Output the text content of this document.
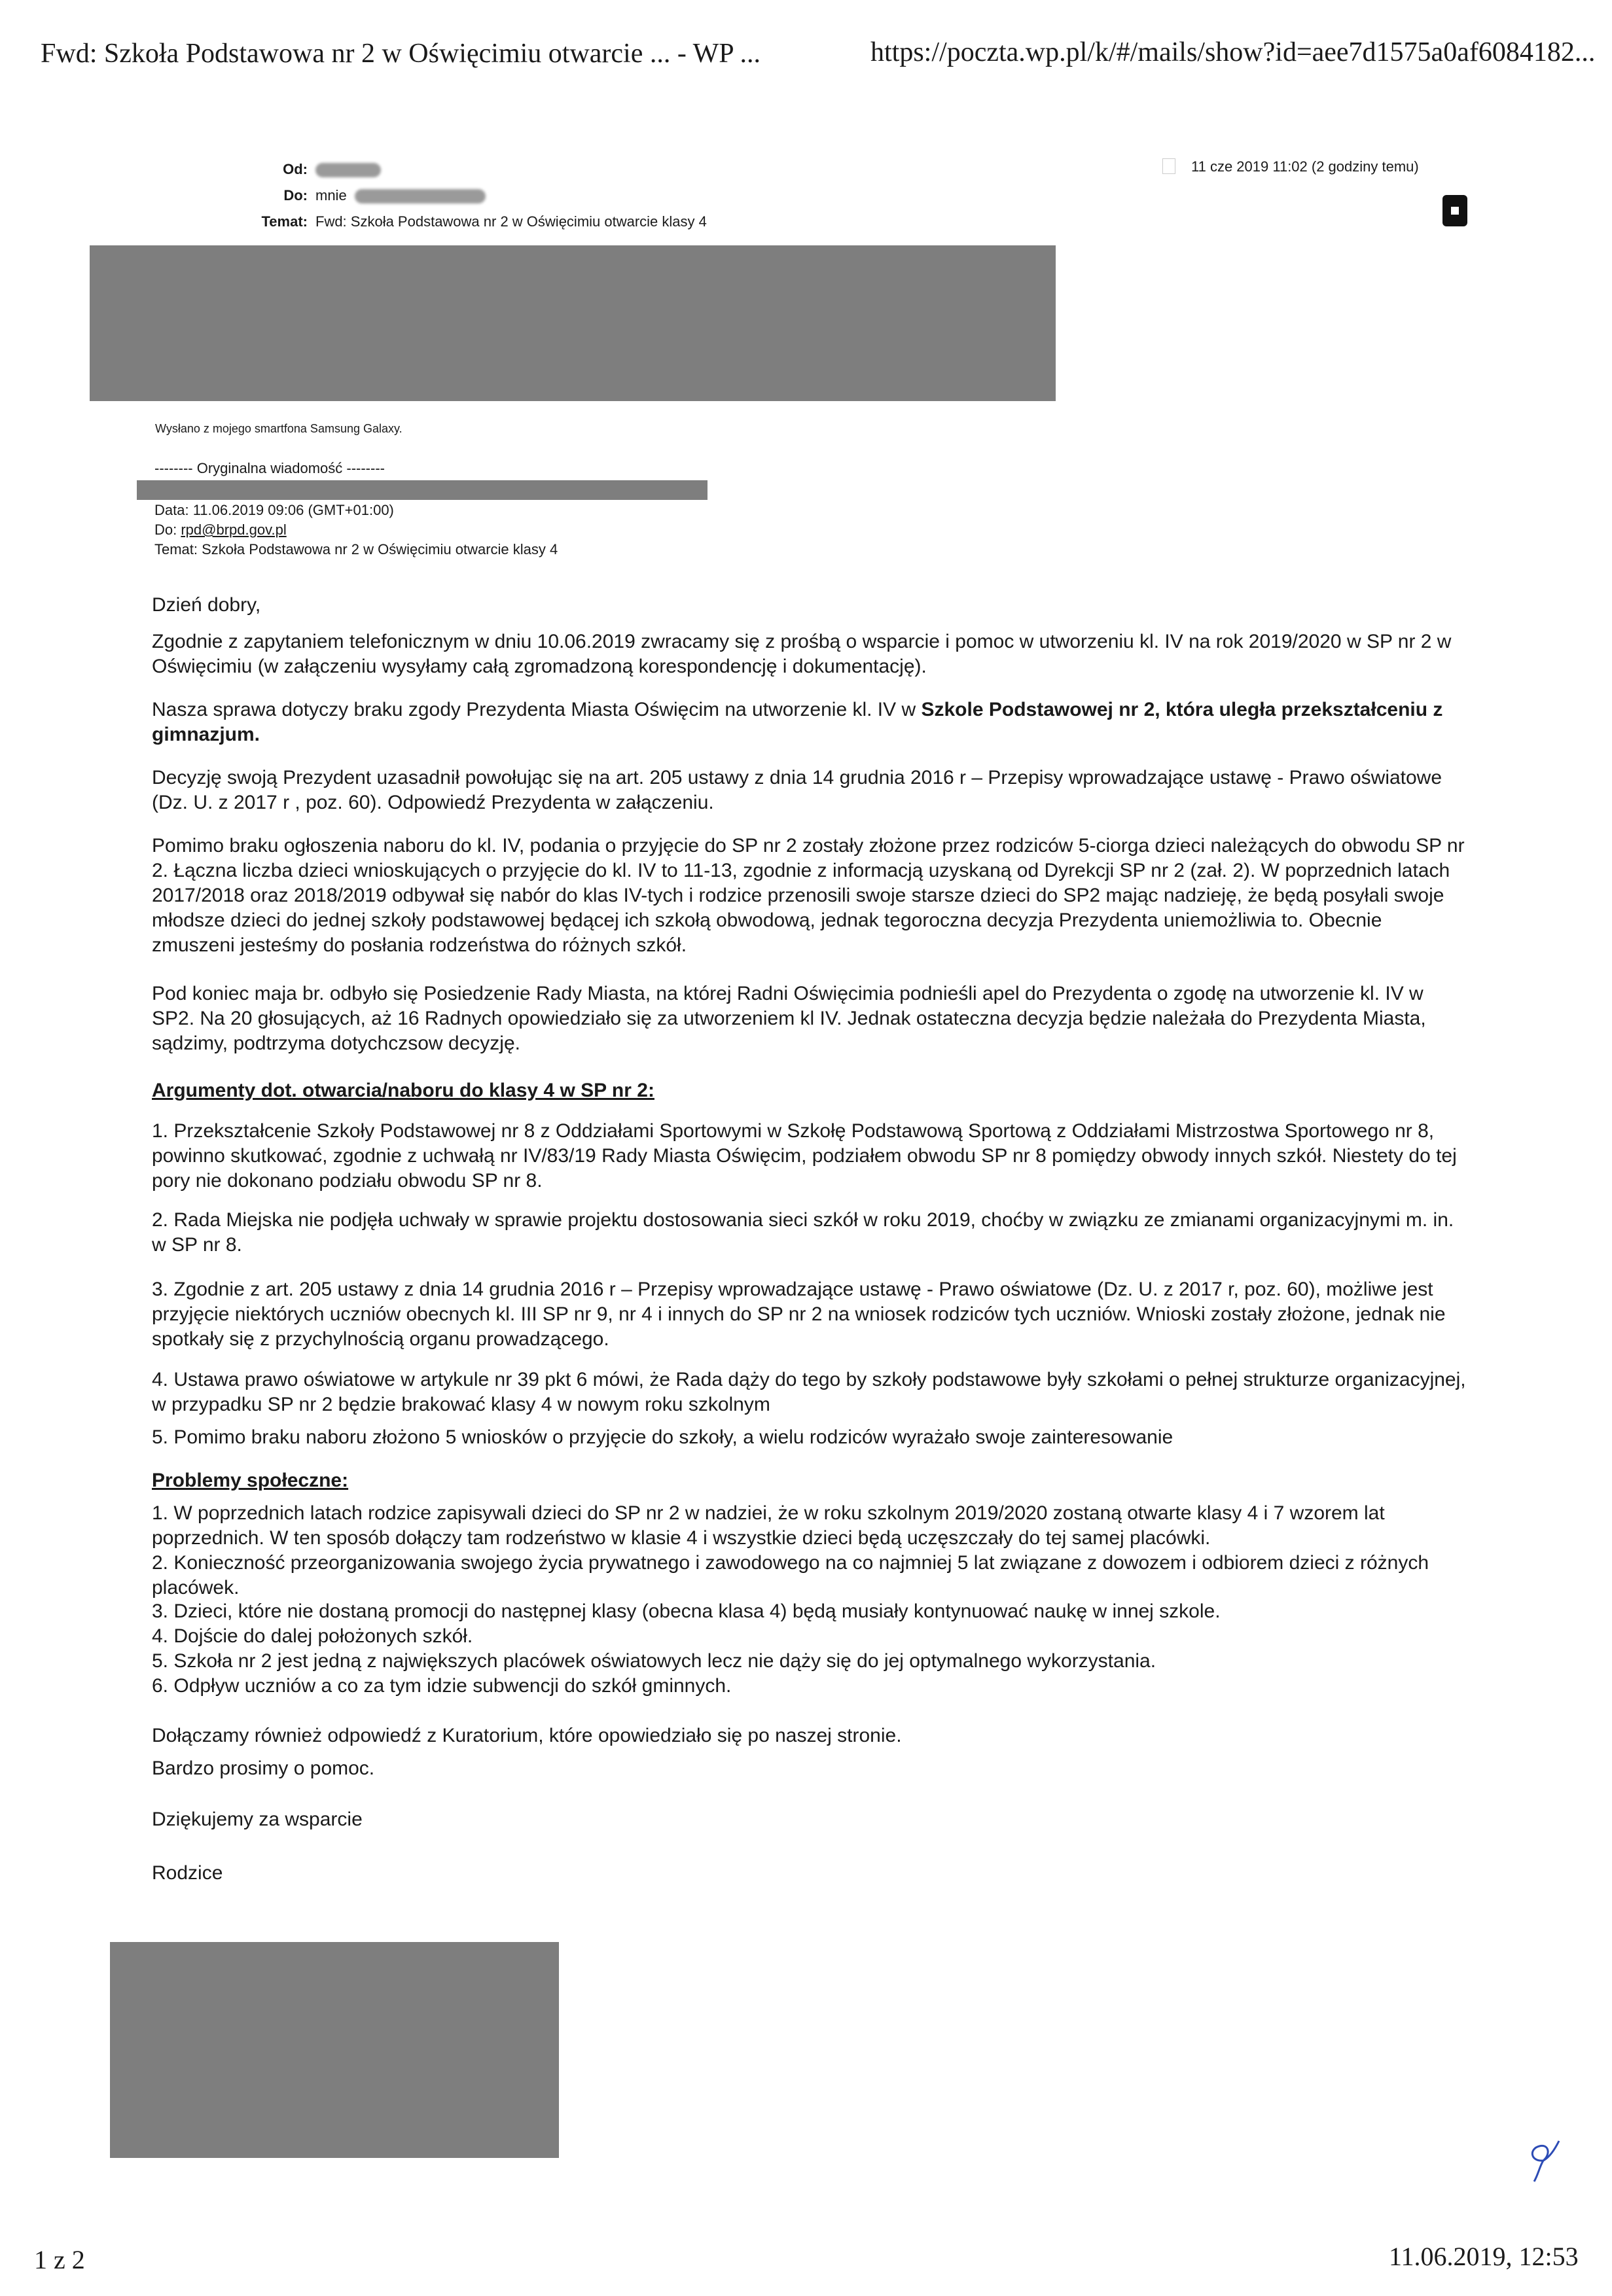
Fwd: Szkoła Podstawowa nr 2 w Oświęcimiu otwarcie ... - WP ...	https://poczta.wp.pl/k/#/mails/show?id=aee7d1575a0af6084182...
Od:
Do: mnie
Temat: Fwd: Szkoła Podstawowa nr 2 w Oświęcimiu otwarcie klasy 4
11 cze 2019 11:02 (2 godziny temu)
Wysłano z mojego smartfona Samsung Galaxy.
-------- Oryginalna wiadomość --------
Data: 11.06.2019 09:06 (GMT+01:00)
Do: rpd@brpd.gov.pl
Temat: Szkoła Podstawowa nr 2 w Oświęcimiu otwarcie klasy 4
Dzień dobry,
Zgodnie z zapytaniem telefonicznym w dniu 10.06.2019 zwracamy się z prośbą o wsparcie i pomoc w utworzeniu kl. IV na rok 2019/2020 w SP nr 2 w Oświęcimiu (w załączeniu wysyłamy całą zgromadzoną korespondencję i dokumentację).
Nasza sprawa dotyczy braku zgody Prezydenta Miasta Oświęcim na utworzenie kl. IV w Szkole Podstawowej nr 2, która uległa przekształceniu z gimnazjum.
Decyzję swoją Prezydent uzasadnił powołując się na art. 205 ustawy z dnia 14 grudnia 2016 r – Przepisy wprowadzające ustawę - Prawo oświatowe (Dz. U. z 2017 r , poz. 60). Odpowiedź Prezydenta w załączeniu.
Pomimo braku ogłoszenia naboru do kl. IV, podania o przyjęcie do SP nr 2 zostały złożone przez rodziców 5-ciorga dzieci należących do obwodu SP nr 2. Łączna liczba dzieci wnioskujących o przyjęcie do kl. IV to 11-13, zgodnie z informacją uzyskaną od Dyrekcji SP nr 2 (zał. 2). W poprzednich latach 2017/2018 oraz 2018/2019 odbywał się nabór do klas IV-tych i rodzice przenosili swoje starsze dzieci do SP2 mając nadzieję, że będą posyłali swoje młodsze dzieci do jednej szkoły podstawowej będącej ich szkołą obwodową, jednak tegoroczna decyzja Prezydenta uniemożliwia to. Obecnie zmuszeni jesteśmy do posłania rodzeństwa do różnych szkół.
Pod koniec maja br. odbyło się Posiedzenie Rady Miasta, na której Radni Oświęcimia podnieśli apel do Prezydenta o zgodę na utworzenie kl. IV w SP2. Na 20 głosujących, aż 16 Radnych opowiedziało się za utworzeniem kl IV. Jednak ostateczna decyzja będzie należała do Prezydenta Miasta, sądzimy, podtrzyma dotychczsow decyzję.
Argumenty dot. otwarcia/naboru do klasy 4 w SP nr 2:
1. Przekształcenie Szkoły Podstawowej nr 8 z Oddziałami Sportowymi w Szkołę Podstawową Sportową z Oddziałami Mistrzostwa Sportowego nr 8, powinno skutkować, zgodnie z uchwałą nr IV/83/19 Rady Miasta Oświęcim, podziałem obwodu SP nr 8 pomiędzy obwody innych szkół. Niestety do tej pory nie dokonano podziału obwodu SP nr 8.
2. Rada Miejska nie podjęła uchwały w sprawie projektu dostosowania sieci szkół w roku 2019, choćby w związku ze zmianami organizacyjnymi m. in. w SP nr 8.
3. Zgodnie z art. 205 ustawy z dnia 14 grudnia 2016 r – Przepisy wprowadzające ustawę - Prawo oświatowe (Dz. U. z 2017 r, poz. 60), możliwe jest przyjęcie niektórych uczniów obecnych kl. III SP nr 9, nr 4 i innych do SP nr 2 na wniosek rodziców tych uczniów. Wnioski zostały złożone, jednak nie spotkały się z przychylnością organu prowadzącego.
4. Ustawa prawo oświatowe w artykule nr 39 pkt 6 mówi, że Rada dąży do tego by szkoły podstawowe były szkołami o pełnej strukturze organizacyjnej, w przypadku SP nr 2 będzie brakować klasy 4 w nowym roku szkolnym
5. Pomimo braku naboru złożono 5 wniosków o przyjęcie do szkoły, a wielu rodziców wyrażało swoje zainteresowanie
Problemy społeczne:
1. W poprzednich latach rodzice zapisywali dzieci do SP nr 2 w nadziei, że w roku szkolnym 2019/2020 zostaną otwarte klasy 4 i 7 wzorem lat poprzednich. W ten sposób dołączy tam rodzeństwo w klasie 4 i wszystkie dzieci będą uczęszczały do tej samej placówki.
2. Konieczność przeorganizowania swojego życia prywatnego i zawodowego na co najmniej 5 lat związane z dowozem i odbiorem dzieci z różnych placówek.
3. Dzieci, które nie dostaną promocji do następnej klasy (obecna klasa 4) będą musiały kontynuować naukę w innej szkole.
4. Dojście do dalej położonych szkół.
5. Szkoła nr 2 jest jedną z największych placówek oświatowych lecz nie dąży się do jej optymalnego wykorzystania.
6. Odpływ uczniów a co za tym idzie subwencji do szkół gminnych.
Dołączamy również odpowiedź z Kuratorium, które opowiedziało się po naszej stronie.
Bardzo prosimy o pomoc.
Dziękujemy za wsparcie
Rodzice
1 z 2	11.06.2019, 12:53
